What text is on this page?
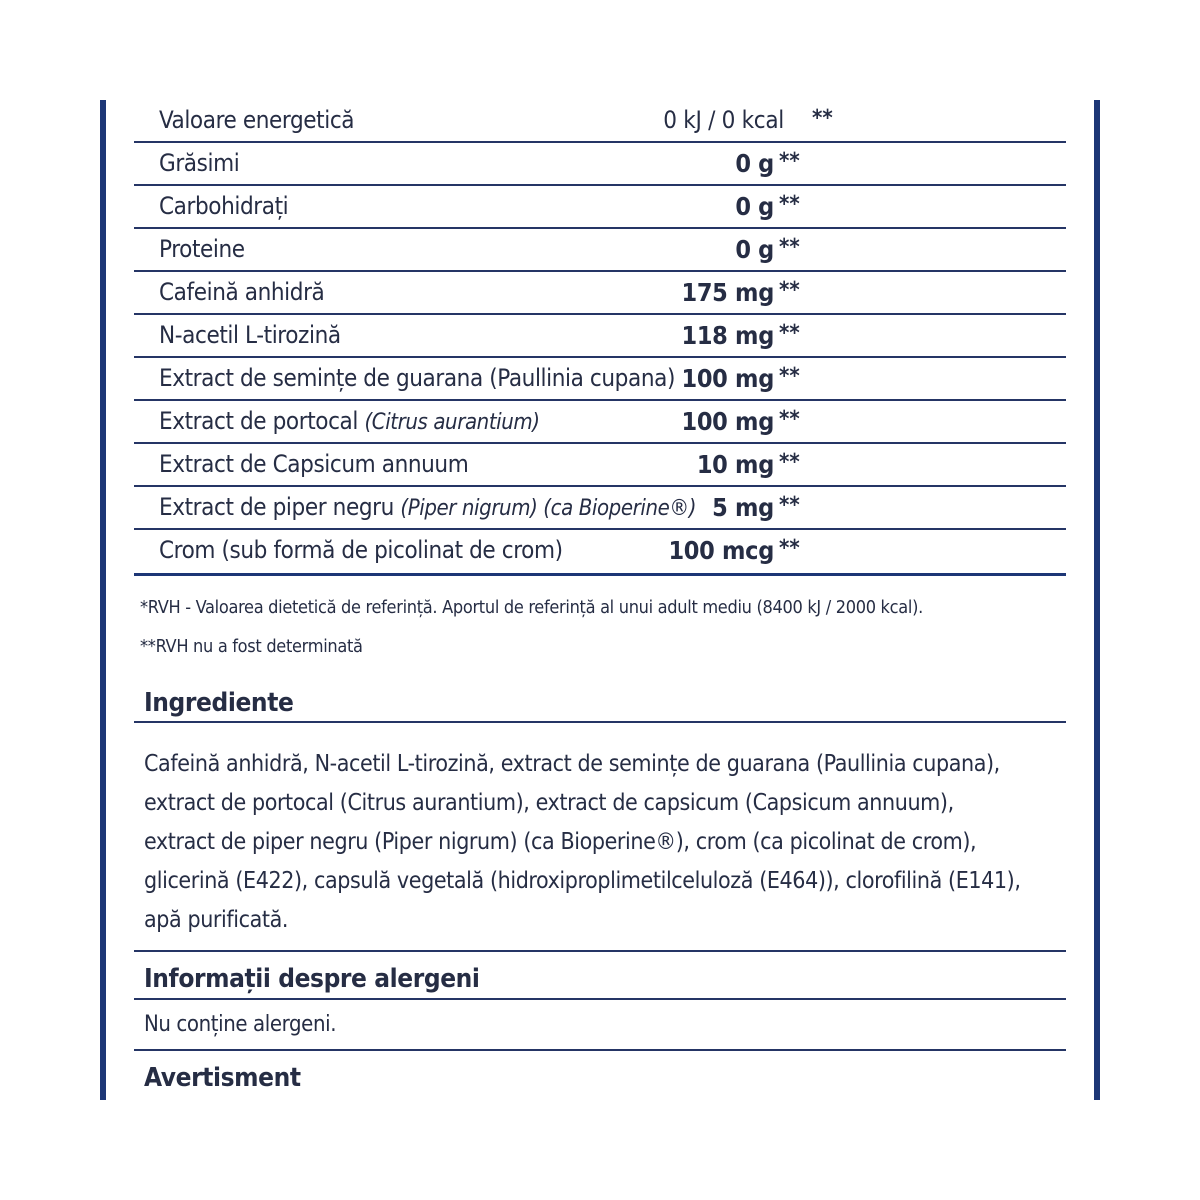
Valoare energetică	0 kJ / 0 kcal **
Grăsimi	0 g **
Carbohidrați	0 g **
Proteine	0 g **
Cafeină anhidră	175 mg **
N-acetil L-tirozină	118 mg **
Extract de semințe de guarana (Paullinia cupana) 100 mg **
Extract de portocal (Citrus aurantium)	100 mg **
Extract de Capsicum annuum	10 mg **
Extract de piper negru (Piper nigrum) (ca Bioperine®) 5 mg **
Crom (sub formă de picolinat de crom)	100 mcg **
*RVH - Valoarea dietetică de referință. Aportul de referință al unui adult mediu (8400 kJ / 2000 kcal).
**RVH nu a fost determinată
Ingrediente
Cafeină anhidră, N-acetil L-tirozină, extract de semințe de guarana (Paullinia cupana),
extract de portocal (Citrus aurantium), extract de capsicum (Capsicum annuum),
extract de piper negru (Piper nigrum) (ca Bioperine®), crom (ca picolinat de crom),
glicerină (E422), capsulă vegetală (hidroxiproplimetilceluloză (E464)), clorofilină (E141),
apă purificată.
Informații despre alergeni
Nu conține alergeni.
Avertisment
